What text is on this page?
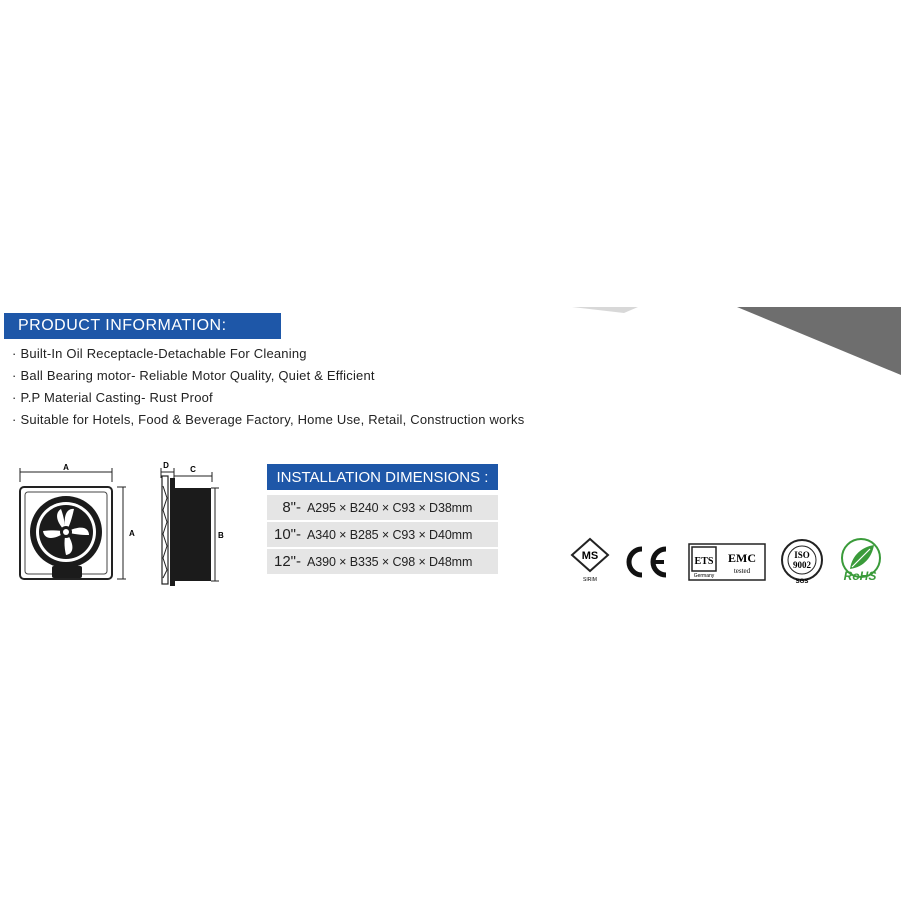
PRODUCT INFORMATION:
· Built-In Oil Receptacle-Detachable For Cleaning
· Ball Bearing motor- Reliable Motor Quality, Quiet & Efficient
· P.P Material Casting- Rust Proof
· Suitable for Hotels, Food & Beverage Factory, Home Use, Retail, Construction works
A
A
D	C
B
INSTALLATION DIMENSIONS :
8"- A295 × B240 × C93 × D38mm
10"- A340 × B285 × C93 × D40mm
12"- A390 × B335 × C98 × D48mm	MS
SIRIM
ETS
Germany
EMC
tested
ISO
9002
SGS	RoHS
